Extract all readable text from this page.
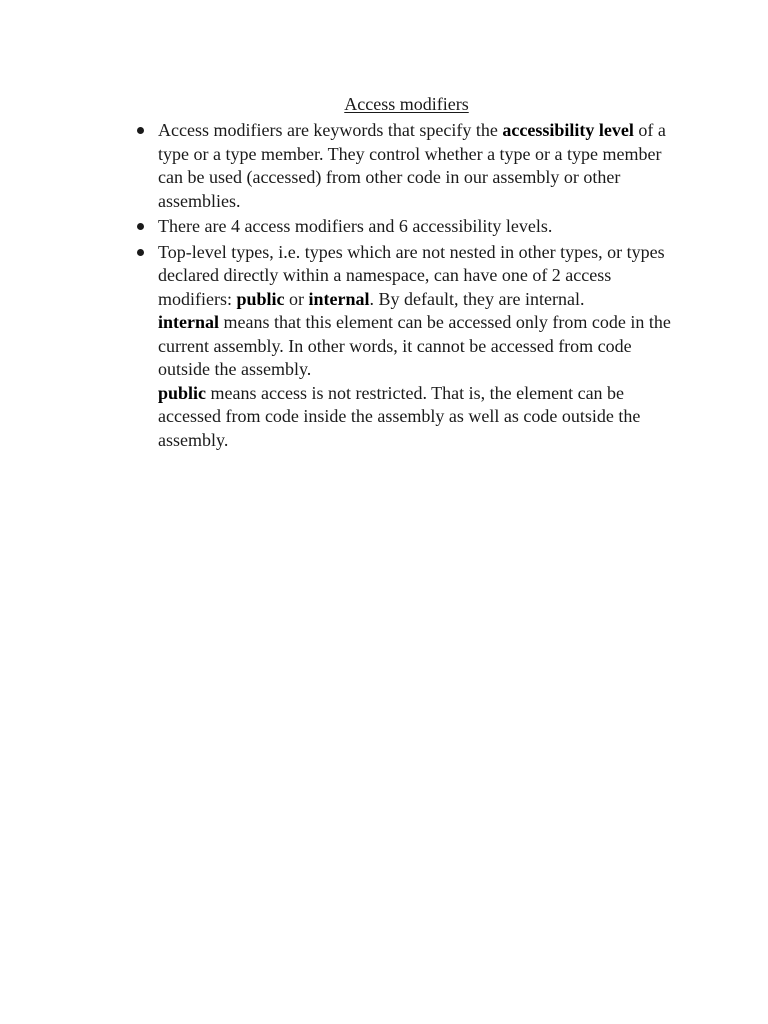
Access modifiers
Access modifiers are keywords that specify the accessibility level of a type or a type member. They control whether a type or a type member can be used (accessed) from other code in our assembly or other assemblies.
There are 4 access modifiers and 6 accessibility levels.
Top-level types, i.e. types which are not nested in other types, or types declared directly within a namespace, can have one of 2 access modifiers: public or internal. By default, they are internal.
internal means that this element can be accessed only from code in the current assembly. In other words, it cannot be accessed from code outside the assembly.
public means access is not restricted. That is, the element can be accessed from code inside the assembly as well as code outside the assembly.
